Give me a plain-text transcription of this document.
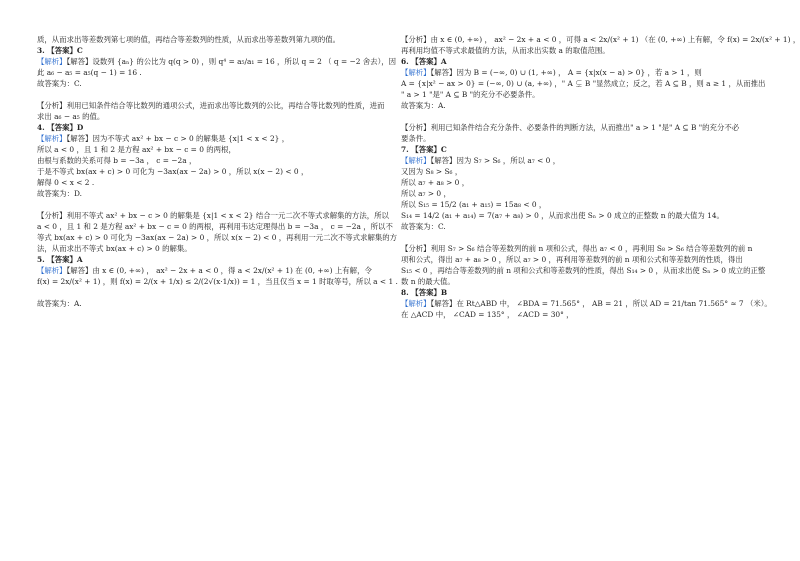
质，从而求出等差数列第七项的值，再结合等差数列的性质，从而求出等差数列第九项的值。
3. 【答案】C
【解析】【解答】设数列 {aₙ} 的公比为 q(q > 0) ，则 q⁴ = a₅/a₁ = 16 ，所以 q = 2 （ q = −2 舍去），因
此 a₆ − a₅ = a₅(q − 1) = 16 .
故答案为：C.
【分析】利用已知条件结合等比数列的通项公式，进而求出等比数列的公比，再结合等比数列的性质，进而
求出 a₆ − a₅ 的值。
4. 【答案】D
【解析】【解答】因为不等式 ax² + bx − c > 0 的解集是 {x|1 < x < 2} ，
所以 a < 0 ，且 1 和 2 是方程 ax² + bx − c = 0 的两根，
由根与系数的关系可得 b = −3a ， c = −2a ，
于是不等式 bx(ax + c) > 0 可化为 −3ax(ax − 2a) > 0 ，所以 x(x − 2) < 0 ，
解得 0 < x < 2 .
故答案为：D.
【分析】利用不等式 ax² + bx − c > 0 的解集是 {x|1 < x < 2} 结合一元二次不等式求解集的方法，所以
a < 0 ，且 1 和 2 是方程 ax² + bx − c = 0 的两根，再利用韦达定理得出 b = −3a ， c = −2a ，所以不
等式 bx(ax + c) > 0 可化为 −3ax(ax − 2a) > 0 ，所以 x(x − 2) < 0 ，再利用一元二次不等式求解集的方
法，从而求出不等式 bx(ax + c) > 0 的解集。
5. 【答案】A
【解析】【解答】由 x ∈ (0, +∞) ， ax² − 2x + a < 0 ，得 a < 2x/(x² + 1) 在 (0, +∞) 上有解，令
f(x) = 2x/(x² + 1) ，则 f(x) = 2/(x + 1/x) ≤ 2/(2√(x·1/x)) = 1 ，当且仅当 x = 1 时取等号，所以 a < 1 .
故答案为：A.
【分析】由 x ∈ (0, +∞) ， ax² − 2x + a < 0 ，可得 a < 2x/(x² + 1) （在 (0, +∞) 上有解，令 f(x) = 2x/(x² + 1) ，
再利用均值不等式求最值的方法，从而求出实数 a 的取值范围。
6. 【答案】A
【解析】【解答】因为 B = (−∞, 0) ∪ (1, +∞) ， A = {x|x(x − a) > 0} ，若 a > 1 ，则
A = {x|x² − ax > 0} = (−∞, 0) ∪ (a, +∞) ，" A ⊊ B "显然成立；反之，若 A ⊆ B ，则 a ≥ 1 ，从而推出
" a > 1 "是" A ⊆ B "的充分不必要条件。
故答案为：A.
【分析】利用已知条件结合充分条件、必要条件的判断方法，从而推出" a > 1 "是" A ⊆ B "的充分不必
要条件。
7. 【答案】C
【解析】【解答】因为 S₇ > S₆ ，所以 a₇ < 0 ，
又因为 S₈ > S₆ ，
所以 a₇ + a₈ > 0 ，
所以 a₇ > 0 ，
所以 S₁₅ = 15/2 (a₁ + a₁₅) = 15a₈ < 0 ，
S₁₄ = 14/2 (a₁ + a₁₄) = 7(a₇ + a₈) > 0 ，从而求出使 Sₙ > 0 成立的正整数 n 的最大值为 14。
故答案为：C.
【分析】利用 S₇ > S₆ 结合等差数列的前 n 项和公式，得出 a₇ < 0 ，再利用 S₈ > S₆ 结合等差数列的前 n
项和公式，得出 a₇ + a₈ > 0 ，所以 a₇ > 0 ，再利用等差数列的前 n 项和公式和等差数列的性质，得出
S₁₅ < 0 ，再结合等差数列的前 n 项和公式和等差数列的性质，得出 S₁₄ > 0 ，从而求出使 Sₙ > 0 成立的正整
数 n 的最大值。
8. 【答案】B
【解析】【解答】在 Rt△ABD 中， ∠BDA = 71.565° ， AB = 21 ，所以 AD = 21/tan 71.565° ≈ 7 （米）。
在 △ACD 中， ∠CAD = 135° ， ∠ACD = 30° ，
